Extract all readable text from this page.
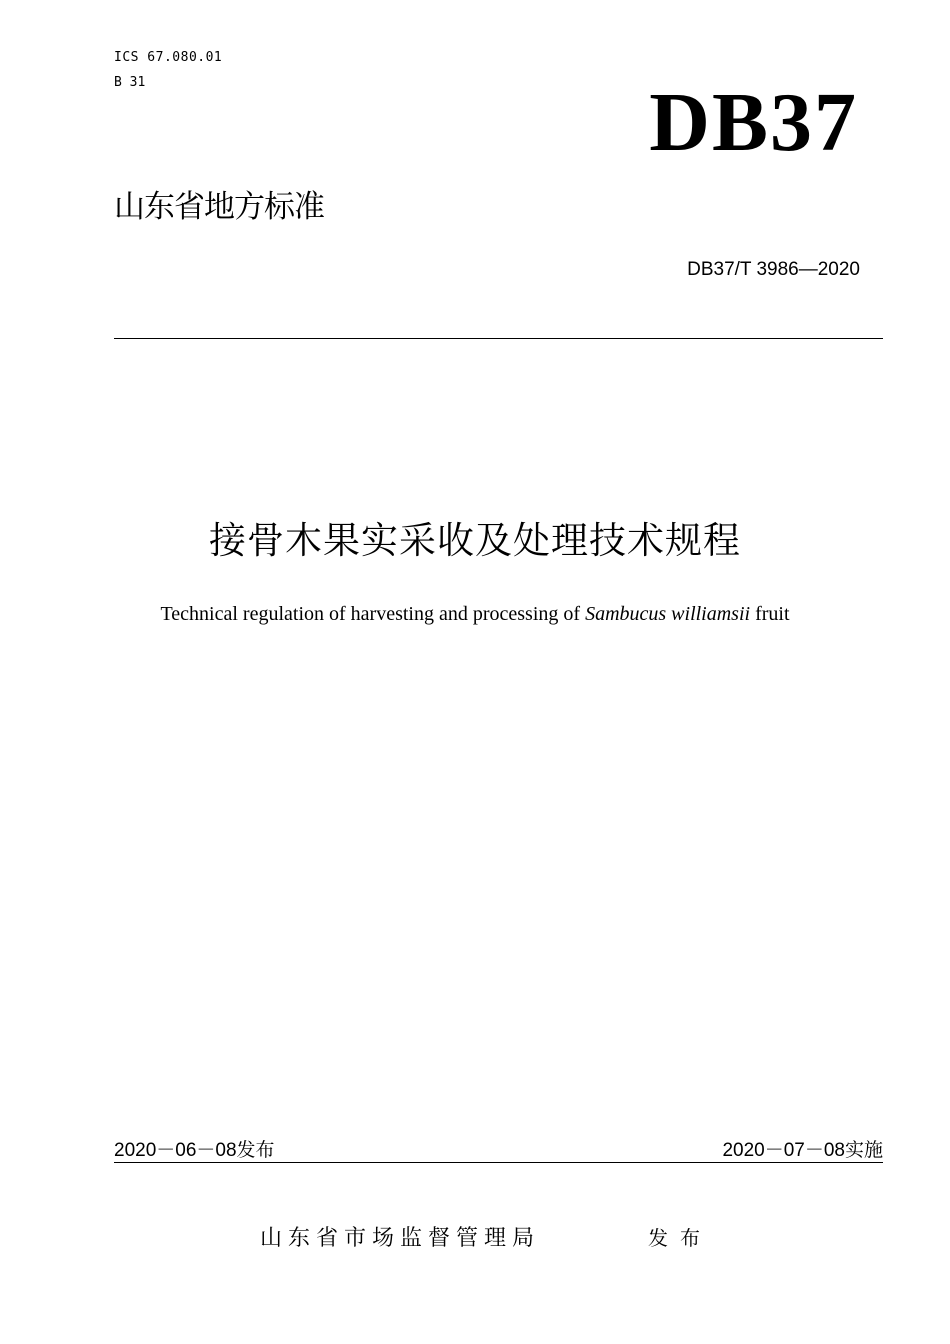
ICS 67.080.01
B 31	DB37
山东省地方标准
DB37/T 3986—2020
接骨木果实采收及处理技术规程
Technical regulation of harvesting and processing of Sambucus williamsii fruit
2020－06－08发布	2020－07－08实施
山东省市场监督管理局	发布
